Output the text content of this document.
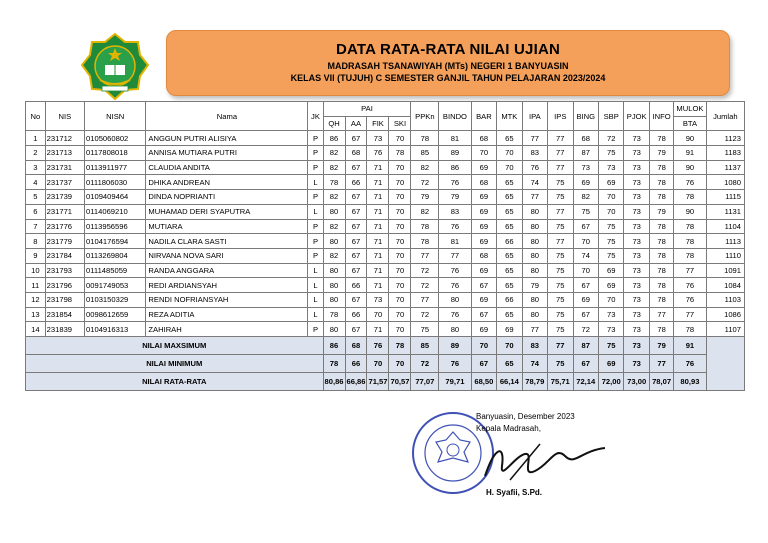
DATA RATA-RATA NILAI UJIAN
MADRASAH TSANAWIYAH (MTs) NEGERI 1 BANYUASIN
KELAS VII (TUJUH) C SEMESTER GANJIL TAHUN PELAJARAN 2023/2024
No	NIS	NISN	Nama	JK	PAI				PPKn	BINDO	BAR	MTK	IPA	IPS	BING	SBP	PJOK	INFO	MULOK	Jumlah
					QH	AA	FIK	SKI											BTA	
1	231712	0105060802	ANGGUN PUTRI ALISIYA	P	86	67	73	70	78	81	68	65	77	77	68	72	73	78	90	1123
2	231713	0117808018	ANNISA MUTIARA PUTRI	P	82	68	76	78	85	89	70	70	83	77	87	75	73	79	91	1183
3	231731	0113911977	CLAUDIA ANDITA	P	82	67	71	70	82	86	69	70	76	77	73	73	73	78	90	1137
4	231737	0111806030	DHIKA ANDREAN	L	78	66	71	70	72	76	68	65	74	75	69	69	73	78	76	1080
5	231739	0109409464	DINDA NOPRIANTI	P	82	67	71	70	79	79	69	65	77	75	82	70	73	78	78	1115
6	231771	0114069210	MUHAMAD DERI SYAPUTRA	L	80	67	71	70	82	83	69	65	80	77	75	70	73	79	90	1131
7	231776	0113956596	MUTIARA	P	82	67	71	70	78	76	69	65	80	75	67	75	73	78	78	1104
8	231779	0104176594	NADILA CLARA SASTI	P	80	67	71	70	78	81	69	66	80	77	70	75	73	78	78	1113
9	231784	0113269804	NIRVANA NOVA SARI	P	82	67	71	70	77	77	68	65	80	75	74	75	73	78	78	1110
10	231793	0111485059	RANDA ANGGARA	L	80	67	71	70	72	76	69	65	80	75	70	69	73	78	77	1091
11	231796	0091749053	REDI ARDIANSYAH	L	80	66	71	70	72	76	67	65	79	75	67	69	73	78	76	1084
12	231798	0103150329	RENDI NOFRIANSYAH	L	80	67	73	70	77	80	69	66	80	75	69	70	73	78	76	1103
13	231854	0098612659	REZA ADITIA	L	78	66	70	70	72	76	67	65	80	75	67	73	73	77	77	1086
14	231839	0104916313	ZAHIRAH	P	80	67	71	70	75	80	69	69	77	75	72	73	73	78	78	1107
NILAI MAXSIMUM					86	68	76	78	85	89	70	70	83	77	87	75	73	79	91	
NILAI MINIMUM					78	66	70	70	72	76	67	65	74	75	67	69	73	77	76	
NILAI RATA-RATA					80,86	66,86	71,57	70,57	77,07	79,71	68,50	66,14	78,79	75,71	72,14	72,00	73,00	78,07	80,93	
Banyuasin, Desember 2023
Kepala Madrasah,
H. Syafii, S.Pd.
